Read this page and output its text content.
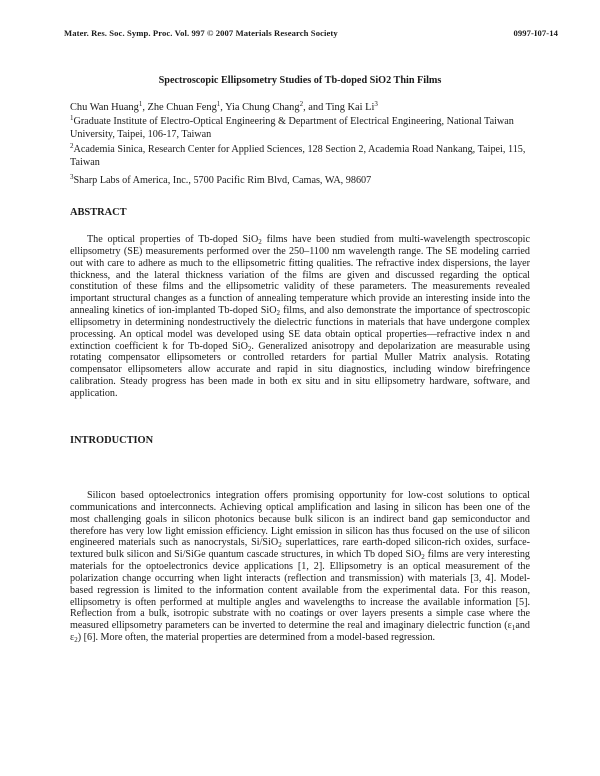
Mater. Res. Soc. Symp. Proc. Vol. 997 © 2007 Materials Research Society	0997-I07-14
Spectroscopic Ellipsometry Studies of Tb-doped SiO2 Thin Films
Chu Wan Huang$^1$, Zhe Chuan Feng$^1$, Yia Chung Chang$^2$, and Ting Kai Li$^3$
$^1$Graduate Institute of Electro-Optical Engineering & Department of Electrical Engineering, National Taiwan University, Taipei, 106-17, Taiwan
$^2$Academia Sinica, Research Center for Applied Sciences, 128 Section 2, Academia Road Nankang, Taipei, 115, Taiwan
$^3$Sharp Labs of America, Inc., 5700 Pacific Rim Blvd, Camas, WA, 98607
ABSTRACT
The optical properties of Tb-doped SiO$_2$ films have been studied from multi-wavelength spectroscopic ellipsometry (SE) measurements performed over the 250–1100 nm wavelength range. The SE modeling carried out with care to adhere as much to the ellipsometric fitting qualities. The refractive index dispersions, the layer thickness, and the lateral thickness variation of the films are given and discussed regarding the optical constitution of these films and the ellipsometric validity of these parameters. The measurements revealed important structural changes as a function of annealing temperature which provide an interesting inside into the annealing kinetics of ion-implanted Tb-doped SiO$_2$ films, and also demonstrate the importance of spectroscopic ellipsometry in determining nondestructively the dielectric functions in materials that have undergone complex processing. An optical model was developed using SE data obtain optical properties—refractive index n and extinction coefficient k for Tb-doped SiO$_2$. Generalized anisotropy and depolarization are measurable using rotating compensator ellipsometers or controlled retarders for partial Muller Matrix analysis. Rotating compensator ellipsometers allow accurate and rapid in situ diagnostics, including window birefringence calibration. Steady progress has been made in both ex situ and in situ ellipsometry hardware, software, and application.
INTRODUCTION
Silicon based optoelectronics integration offers promising opportunity for low-cost solutions to optical communications and interconnects. Achieving optical amplification and lasing in silicon has been one of the most challenging goals in silicon photonics because bulk silicon is an indirect band gap semiconductor and therefore has very low light emission efficiency. Light emission in silicon has thus focused on the use of silicon engineered materials such as nanocrystals, Si/SiO$_2$ superlattices, rare earth-doped silicon-rich oxides, surface-textured bulk silicon and Si/SiGe quantum cascade structures, in which Tb doped SiO$_2$ films are very interesting materials for the optoelectronics device applications [1, 2]. Ellipsometry is an optical measurement of the polarization change occurring when light interacts (reflection and transmission) with materials [3, 4]. Model-based regression is limited to the information content available from the experimental data. For this reason, ellipsometry is often performed at multiple angles and wavelengths to increase the available information [5]. Reflection from a bulk, isotropic substrate with no coatings or over layers presents a simple case where the measured ellipsometry parameters can be inverted to determine the real and imaginary dielectric function ($\varepsilon_1and$ $\varepsilon_2$) [6]. More often, the material properties are determined from a model-based regression.
